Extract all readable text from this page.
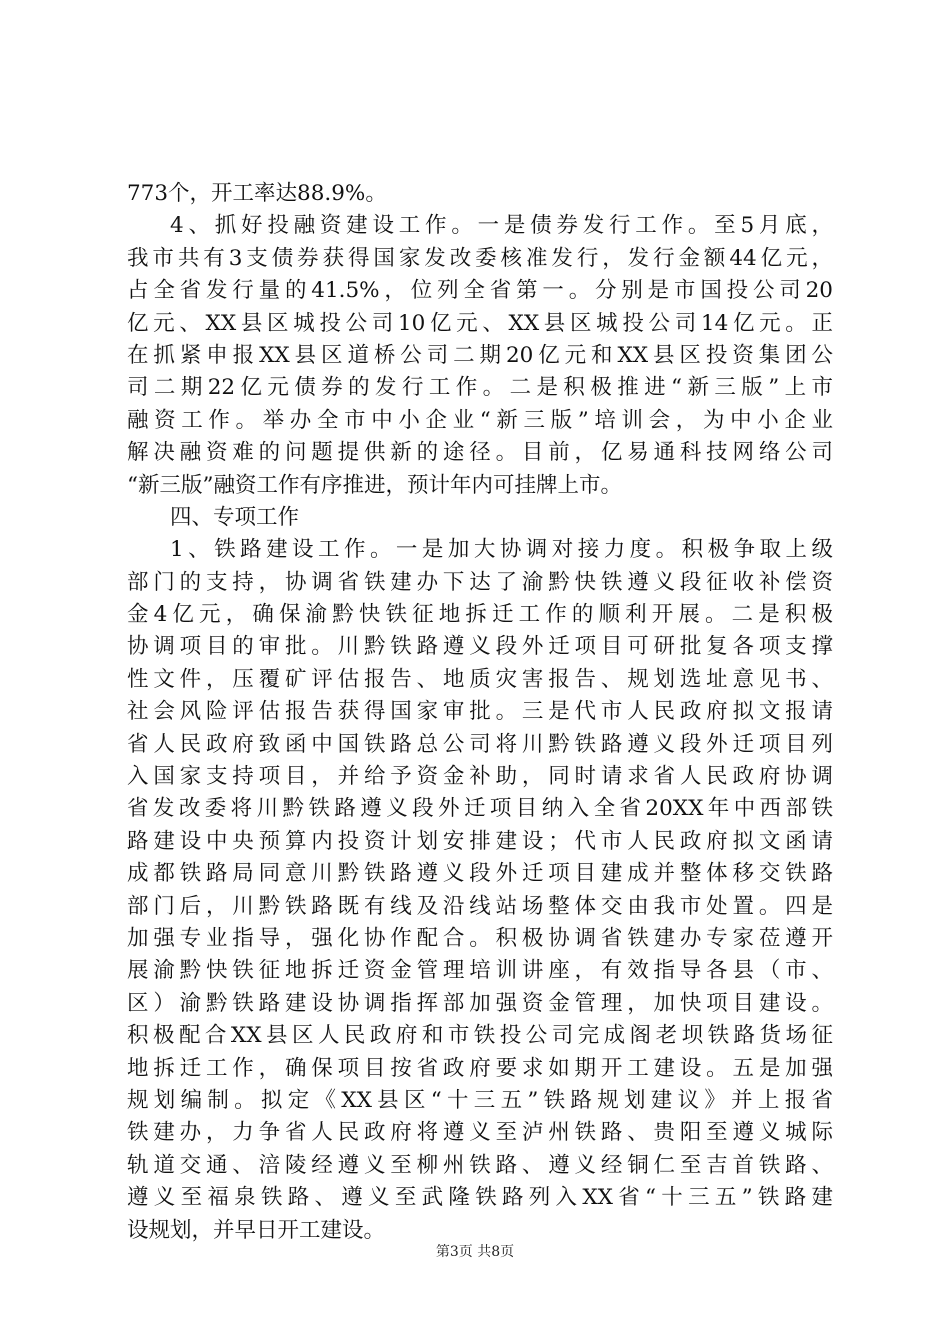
773个，开工率达88.9%。
4、抓好投融资建设工作。一是债券发行工作。至5月底，
我市共有3支债券获得国家发改委核准发行，发行金额44亿元，
占全省发行量的41.5%，位列全省第一。分别是市国投公司20
亿元、XX县区城投公司10亿元、XX县区城投公司14亿元。正
在抓紧申报XX县区道桥公司二期20亿元和XX县区投资集团公
司二期22亿元债券的发行工作。二是积极推进“新三版”上市
融资工作。举办全市中小企业“新三版”培训会，为中小企业
解决融资难的问题提供新的途径。目前，亿易通科技网络公司
“新三版”融资工作有序推进，预计年内可挂牌上市。
四、专项工作
1、铁路建设工作。一是加大协调对接力度。积极争取上级
部门的支持，协调省铁建办下达了渝黔快铁遵义段征收补偿资
金4亿元，确保渝黔快铁征地拆迁工作的顺利开展。二是积极
协调项目的审批。川黔铁路遵义段外迁项目可研批复各项支撑
性文件，压覆矿评估报告、地质灾害报告、规划选址意见书、
社会风险评估报告获得国家审批。三是代市人民政府拟文报请
省人民政府致函中国铁路总公司将川黔铁路遵义段外迁项目列
入国家支持项目，并给予资金补助，同时请求省人民政府协调
省发改委将川黔铁路遵义段外迁项目纳入全省20XX年中西部铁
路建设中央预算内投资计划安排建设；代市人民政府拟文函请
成都铁路局同意川黔铁路遵义段外迁项目建成并整体移交铁路
部门后，川黔铁路既有线及沿线站场整体交由我市处置。四是
加强专业指导，强化协作配合。积极协调省铁建办专家莅遵开
展渝黔快铁征地拆迁资金管理培训讲座，有效指导各县（市、
区）渝黔铁路建设协调指挥部加强资金管理，加快项目建设。
积极配合XX县区人民政府和市铁投公司完成阁老坝铁路货场征
地拆迁工作，确保项目按省政府要求如期开工建设。五是加强
规划编制。拟定《XX县区“十三五”铁路规划建议》并上报省
铁建办，力争省人民政府将遵义至泸州铁路、贵阳至遵义城际
轨道交通、涪陵经遵义至柳州铁路、遵义经铜仁至吉首铁路、
遵义至福泉铁路、遵义至武隆铁路列入XX省“十三五”铁路建
设规划，并早日开工建设。
第3页 共8页
